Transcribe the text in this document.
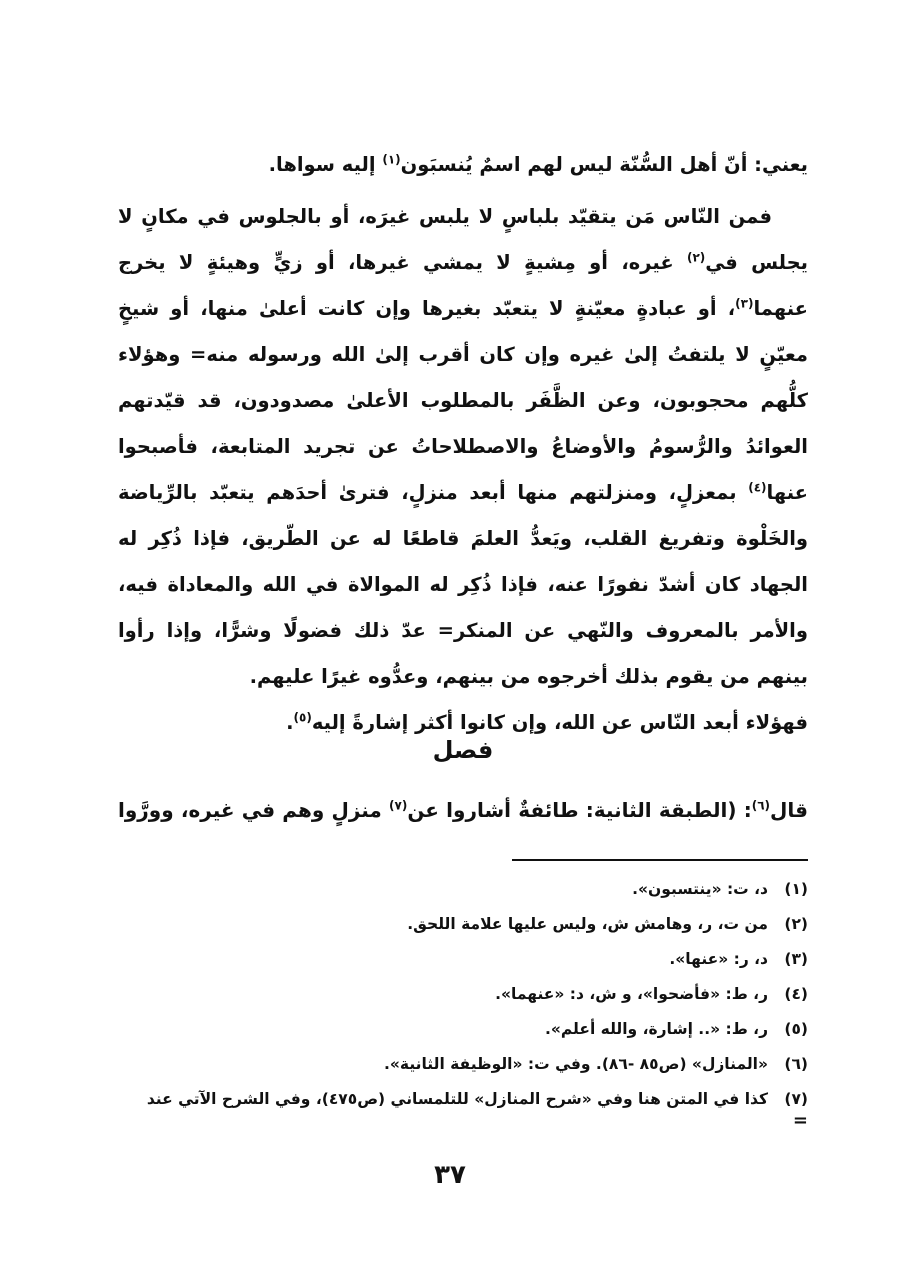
يعني: أنّ أهل السُّنّة ليس لهم اسمٌ يُنسبَون$^{(١)}$ إليه سواها.

فمن النّاس مَن يتقيّد بلباسٍ لا يلبس غيرَه، أو بالجلوس في مكانٍ لا يجلس في$^{(٢)}$ غيره، أو مِشيةٍ لا يمشي غيرها، أو زيٍّ وهيئةٍ لا يخرج عنهما$^{(٣)}$، أو عبادةٍ معيّنةٍ لا يتعبّد بغيرها وإن كانت أعلىٰ منها، أو شيخٍ معيّنٍ لا يلتفتُ إلىٰ غيره وإن كان أقرب إلىٰ الله ورسوله منه= وهؤلاء كلُّهم محجوبون، وعن الظَّفَر بالمطلوب الأعلىٰ مصدودون، قد قيّدتهم العوائدُ والرُّسومُ والأوضاعُ والاصطلاحاتُ عن تجريد المتابعة، فأصبحوا عنها$^{(٤)}$ بمعزلٍ، ومنزلتهم منها أبعد منزلٍ، فترىٰ أحدَهم يتعبّد بالرِّياضة والخَلْوة وتفريغ القلب، ويَعدُّ العلمَ قاطعًا له عن الطّريق، فإذا ذُكِر له الجهاد كان أشدّ نفورًا عنه، فإذا ذُكِر له الموالاة في الله والمعاداة فيه، والأمر بالمعروف والنّهي عن المنكر= عدّ ذلك فضولًا وشرًّا، وإذا رأوا بينهم من يقوم بذلك أخرجوه من بينهم، وعدُّوه غيرًا عليهم.

فهؤلاء أبعد النّاس عن الله، وإن كانوا أكثر إشارةً إليه$^{(٥)}$.

فصل
قال$^{(٦)}$: (الطبقة الثانية: طائفةٌ أشاروا عن$^{(٧)}$ منزلٍ وهم في غيره، وورَّوا
(١)د، ت: «ينتسبون».
(٢)من ت، ر، وهامش ش، وليس عليها علامة اللحق.
(٣)د، ر: «عنها».
(٤)ر، ط: «فأضحوا»، و ش، د: «عنهما».
(٥)ر، ط: «.. إشارة، والله أعلم».
(٦)«المنازل» (ص٨٥ -٨٦). وفي ت: «الوظيفة الثانية».
(٧)كذا في المتن هنا وفي «شرح المنازل» للتلمساني (ص٤٧٥)، وفي الشرح الآتي عند
=
٣٧
